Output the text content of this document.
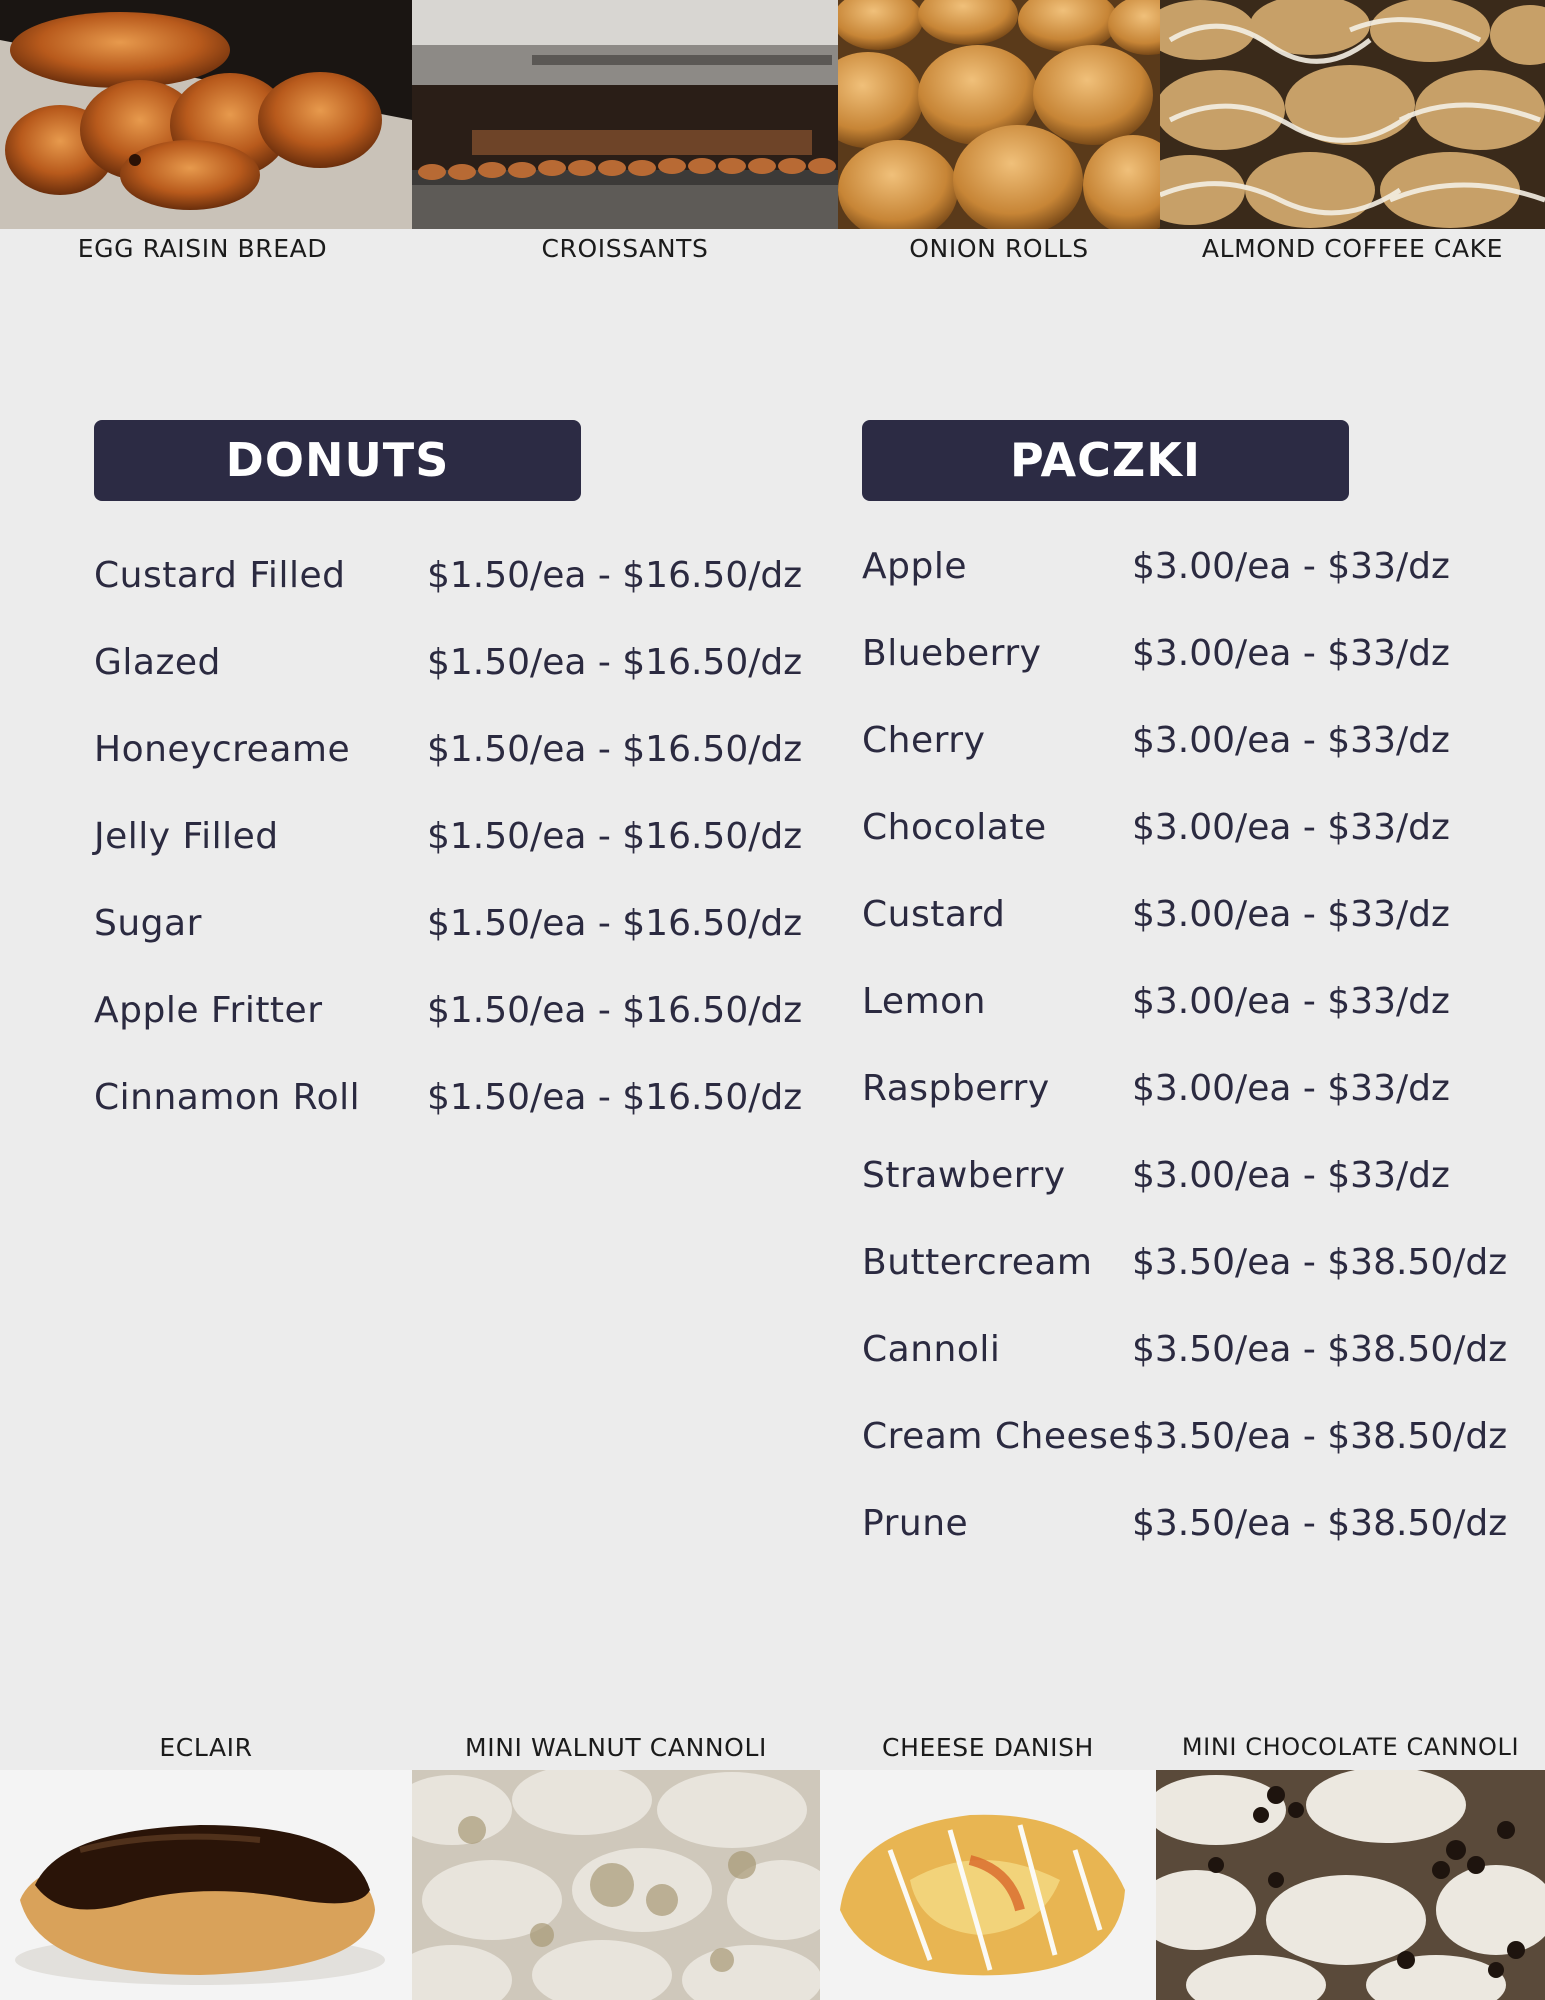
EGG RAISIN BREAD	CROISSANTS	ONION ROLLS	ALMOND COFFEE CAKE
DONUTS	PACZKI
Custard Filled $1.50/ea - $16.50/dz
Glazed	$1.50/ea - $16.50/dz
Honeycreame $1.50/ea - $16.50/dz
Jelly Filled	$1.50/ea - $16.50/dz
Sugar	$1.50/ea - $16.50/dz
Apple Fritter	$1.50/ea - $16.50/dz
Cinnamon Roll $1.50/ea - $16.50/dz
Apple	$3.00/ea - $33/dz
Blueberry	$3.00/ea - $33/dz
Cherry	$3.00/ea - $33/dz
Chocolate $3.00/ea - $33/dz
Custard	$3.00/ea - $33/dz
Lemon	$3.00/ea - $33/dz
Raspberry $3.00/ea - $33/dz
Strawberry $3.00/ea - $33/dz
Buttercream $3.50/ea - $38.50/dz
Cannoli	$3.50/ea - $38.50/dz
Cream Cheese $3.50/ea - $38.50/dz
Prune	$3.50/ea - $38.50/dz
ECLAIR	MINI WALNUT CANNOLI	CHEESE DANISH	MINI CHOCOLATE CANNOLI
